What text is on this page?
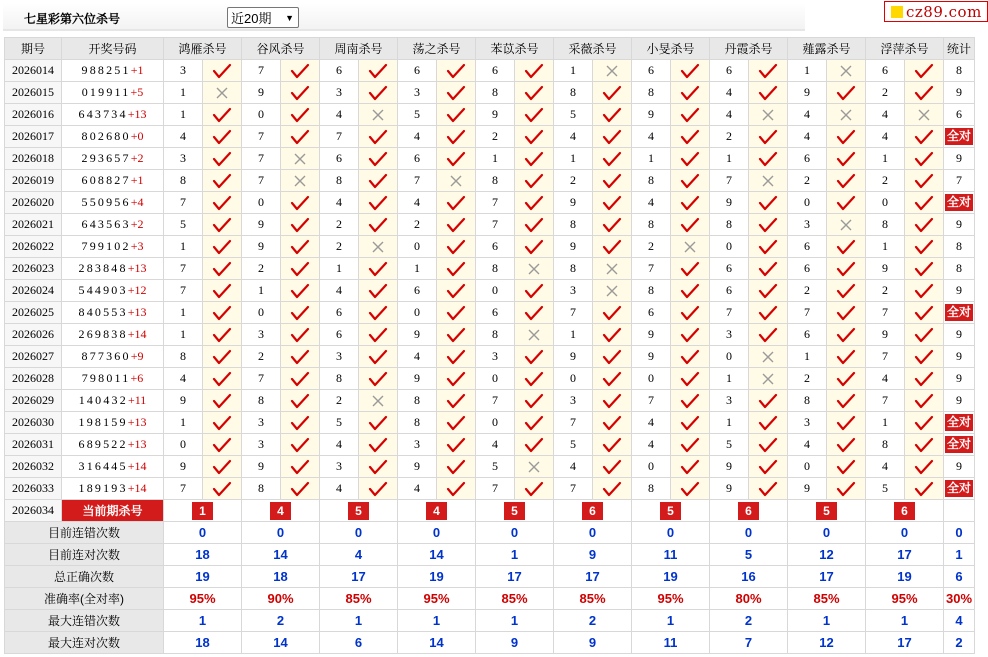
七星彩第六位杀号	近20期 ▼	cz89.com
期号	开奖号码	鸿雁杀号		谷风杀号		周南杀号		荡之杀号		苯苡杀号		采薇杀号		小旻杀号		丹霞杀号		薤露杀号		浮萍杀号		统计
2026014	988251+1	3		7		6		6		6		1		6		6		1		6		8
2026015	019911+5	1		9		3		3		8		8		8		4		9		2		9
2026016	643734+13	1		0		4		5		9		5		9		4		4		4		6
2026017	802680+0	4		7		7		4		2		4		4		2		4		4		全对
2026018	293657+2	3		7		6		6		1		1		1		1		6		1		9
2026019	608827+1	8		7		8		7		8		2		8		7		2		2		7
2026020	550956+4	7		0		4		4		7		9		4		9		0		0		全对
2026021	643563+2	5		9		2		2		7		8		8		8		3		8		9
2026022	799102+3	1		9		2		0		6		9		2		0		6		1		8
2026023	283848+13	7		2		1		1		8		8		7		6		6		9		8
2026024	544903+12	7		1		4		6		0		3		8		6		2		2		9
2026025	840553+13	1		0		6		0		6		7		6		7		7		7		全对
2026026	269838+14	1		3		6		9		8		1		9		3		6		9		9
2026027	877360+9	8		2		3		4		3		9		9		0		1		7		9
2026028	798011+6	4		7		8		9		0		0		0		1		2		4		9
2026029	140432+11	9		8		2		8		7		3		7		3		8		7		9
2026030	198159+13	1		3		5		8		0		7		4		1		3		1		全对
2026031	689522+13	0		3		4		3		4		5		4		5		4		8		全对
2026032	316445+14	9		9		3		9		5		4		0		9		0		4		9
2026033	189193+14	7		8		4		4		7		7		8		9		9		5		全对
2026034	当前期杀号	1		4		5		4		5		6		5		6		5		6		
目前连错次数		0		0		0		0		0		0		0		0		0		0		0
目前连对次数		18		14		4		14		1		9		11		5		12		17		1
总正确次数		19		18		17		19		17		17		19		16		17		19		6
准确率(全对率)		95%		90%		85%		95%		85%		85%		95%		80%		85%		95%		30%
最大连错次数		1		2		1		1		1		2		1		2		1		1		4
最大连对次数		18		14		6		14		9		9		11		7		12		17		2
